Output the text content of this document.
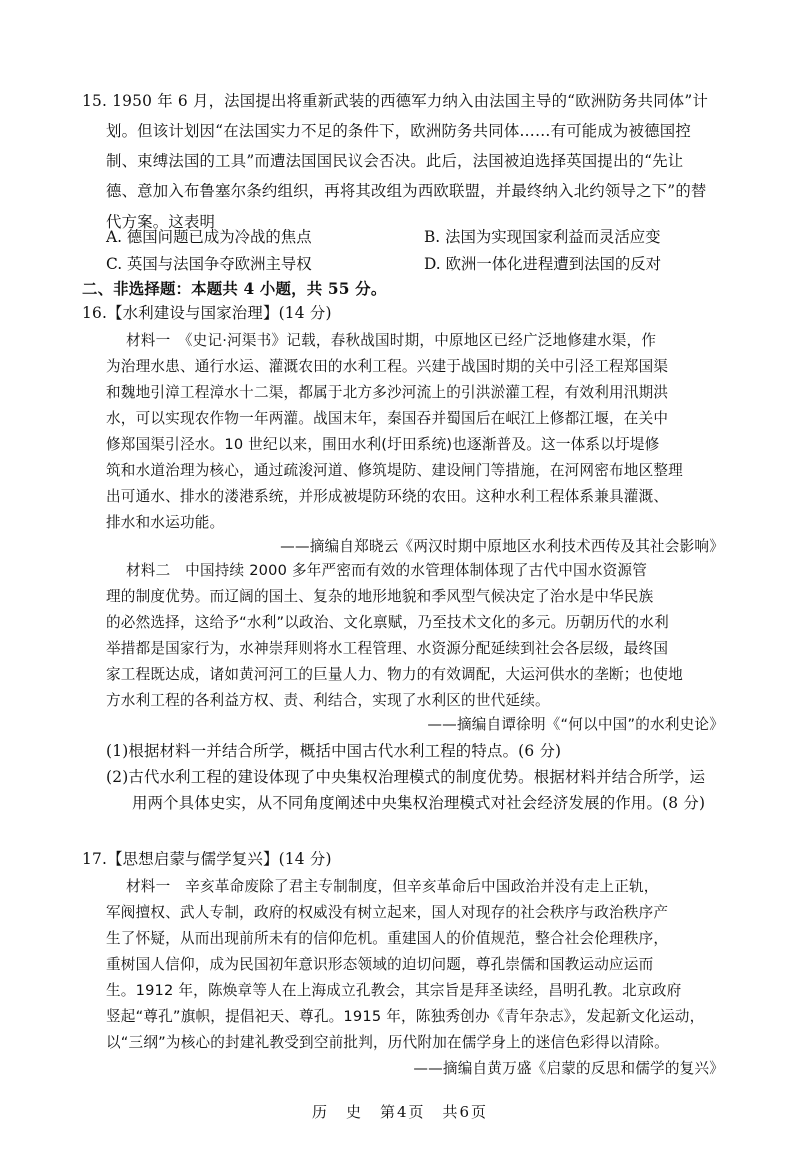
15. 1950 年 6 月，法国提出将重新武装的西德军力纳入由法国主导的“欧洲防务共同体”计
划。但该计划因“在法国实力不足的条件下，欧洲防务共同体……有可能成为被德国控
制、束缚法国的工具”而遭法国国民议会否决。此后，法国被迫选择英国提出的“先让
德、意加入布鲁塞尔条约组织，再将其改组为西欧联盟，并最终纳入北约领导之下”的替
代方案。这表明
A. 德国问题已成为冷战的焦点	B. 法国为实现国家利益而灵活应变
C. 英国与法国争夺欧洲主导权	D. 欧洲一体化进程遭到法国的反对
二、非选择题：本题共 4 小题，共 55 分。
16.【水利建设与国家治理】(14 分)
材料一　《史记·河渠书》记载，春秋战国时期，中原地区已经广泛地修建水渠，作
为治理水患、通行水运、灌溉农田的水利工程。兴建于战国时期的关中引泾工程郑国渠
和魏地引漳工程漳水十二渠，都属于北方多沙河流上的引洪淤灌工程，有效利用汛期洪
水，可以实现农作物一年两灌。战国末年，秦国吞并蜀国后在岷江上修都江堰，在关中
修郑国渠引泾水。10 世纪以来，围田水利(圩田系统)也逐渐普及。这一体系以圩堤修
筑和水道治理为核心，通过疏浚河道、修筑堤防、建设闸门等措施，在河网密布地区整理
出可通水、排水的溇港系统，并形成被堤防环绕的农田。这种水利工程体系兼具灌溉、
排水和水运功能。
——摘编自郑晓云《两汉时期中原地区水利技术西传及其社会影响》
材料二　中国持续 2000 多年严密而有效的水管理体制体现了古代中国水资源管
理的制度优势。而辽阔的国土、复杂的地形地貌和季风型气候决定了治水是中华民族
的必然选择，这给予“水利”以政治、文化禀赋，乃至技术文化的多元。历朝历代的水利
举措都是国家行为，水神崇拜则将水工程管理、水资源分配延续到社会各层级，最终国
家工程既达成，诸如黄河河工的巨量人力、物力的有效调配，大运河供水的垄断；也使地
方水利工程的各利益方权、责、利结合，实现了水利区的世代延续。
——摘编自谭徐明《“何以中国”的水利史论》
(1)根据材料一并结合所学，概括中国古代水利工程的特点。(6 分)
(2)古代水利工程的建设体现了中央集权治理模式的制度优势。根据材料并结合所学，运
用两个具体史实，从不同角度阐述中央集权治理模式对社会经济发展的作用。(8 分)
17.【思想启蒙与儒学复兴】(14 分)
材料一　辛亥革命废除了君主专制制度，但辛亥革命后中国政治并没有走上正轨，
军阀擅权、武人专制，政府的权威没有树立起来，国人对现存的社会秩序与政治秩序产
生了怀疑，从而出现前所未有的信仰危机。重建国人的价值规范，整合社会伦理秩序，
重树国人信仰，成为民国初年意识形态领域的迫切问题，尊孔崇儒和国教运动应运而
生。1912 年，陈焕章等人在上海成立孔教会，其宗旨是拜圣读经，昌明孔教。北京政府
竖起“尊孔”旗帜，提倡祀天、尊孔。1915 年，陈独秀创办《青年杂志》，发起新文化运动，
以“三纲”为核心的封建礼教受到空前批判，历代附加在儒学身上的迷信色彩得以清除。
——摘编自黄万盛《启蒙的反思和儒学的复兴》
历　史　第4页　共6页
